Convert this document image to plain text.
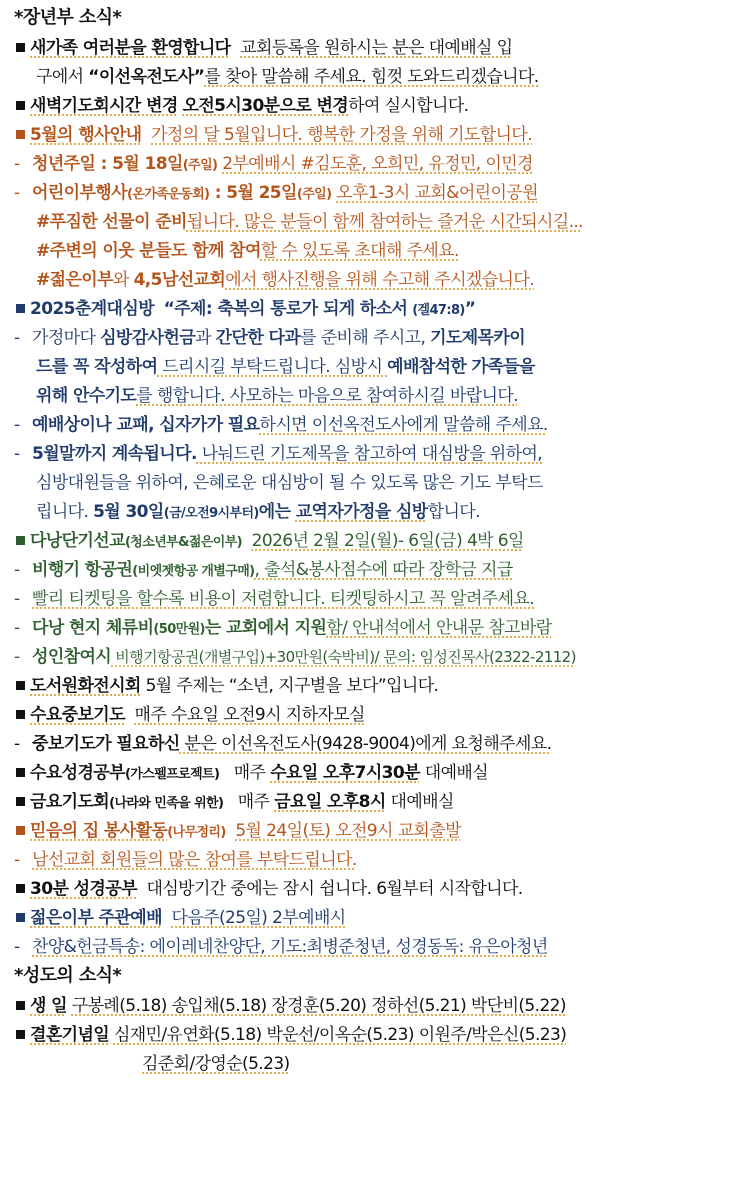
*장년부 소식*
새가족 여러분을 환영합니다 교회등록을 원하시는 분은 대예배실 입
구에서 “이선옥전도사”를 찾아 말씀해 주세요. 힘껏 도와드리겠습니다.
새벽기도회시간 변경 오전5시30분으로 변경하여 실시합니다.
5월의 행사안내 가정의 달 5월입니다. 행복한 가정을 위해 기도합니다.
- 청년주일 : 5월 18일(주일) 2부예배시 #김도훈, 오희민, 유정민, 이민경
- 어린이부행사(온가족운동회) : 5월 25일(주일) 오후1-3시 교회&어린이공원
#푸짐한 선물이 준비됩니다. 많은 분들이 함께 참여하는 즐거운 시간되시길...
#주변의 이웃 분들도 함께 참여할 수 있도록 초대해 주세요.
#젊은이부와 4,5남선교회에서 행사진행을 위해 수고해 주시겠습니다.
2025춘계대심방 “주제: 축복의 통로가 되게 하소서 (겔47:8)”
- 가정마다 심방감사헌금과 간단한 다과를 준비해 주시고, 기도제목카이
드를 꼭 작성하여 드리시길 부탁드립니다. 심방시 예배참석한 가족들을
위해 안수기도를 행합니다. 사모하는 마음으로 참여하시길 바랍니다.
- 예배상이나 교패, 십자가가 필요하시면 이선옥전도사에게 말씀해 주세요.
- 5월말까지 계속됩니다. 나눠드린 기도제목을 참고하여 대심방을 위하여,
심방대원들을 위하여, 은혜로운 대심방이 될 수 있도록 많은 기도 부탁드
립니다. 5월 30일(금/오전9시부터)에는 교역자가정을 심방합니다.
다낭단기선교(청소년부&젊은이부) 2026년 2월 2일(월)- 6일(금) 4박 6일
- 비행기 항공권(비엣젯항공 개별구매), 출석&봉사점수에 따라 장학금 지급
- 빨리 티켓팅을 할수록 비용이 저렴합니다. 티켓팅하시고 꼭 알려주세요.
- 다낭 현지 체류비(50만원)는 교회에서 지원함/ 안내석에서 안내문 참고바람
- 성인참여시 비행기항공권(개별구입)+30만원(숙박비)/ 문의: 임성진목사(2322-2112)
도서원화전시회 5월 주제는 “소년, 지구별을 보다”입니다.
수요중보기도 매주 수요일 오전9시 지하자모실
- 중보기도가 필요하신 분은 이선옥전도사(9428-9004)에게 요청해주세요.
수요성경공부(가스펠프로젝트) 매주 수요일 오후7시30분 대예배실
금요기도회(나라와 민족을 위한) 매주 금요일 오후8시 대예배실
믿음의 집 봉사활동(나무정리) 5월 24일(토) 오전9시 교회출발
- 남선교회 회원들의 많은 참여를 부탁드립니다.
30분 성경공부 대심방기간 중에는 잠시 쉽니다. 6월부터 시작합니다.
젊은이부 주관예배 다음주(25일) 2부예배시
- 찬양&헌금특송: 에이레네찬양단, 기도:최병준청년, 성경동독: 유은아청년
*성도의 소식*
생 일 구봉례(5.18) 송입채(5.18) 장경훈(5.20) 정하선(5.21) 박단비(5.22)
결혼기념일 심재민/유연화(5.18) 박운선/이옥순(5.23) 이원주/박은신(5.23)
김준회/강영순(5.23)
